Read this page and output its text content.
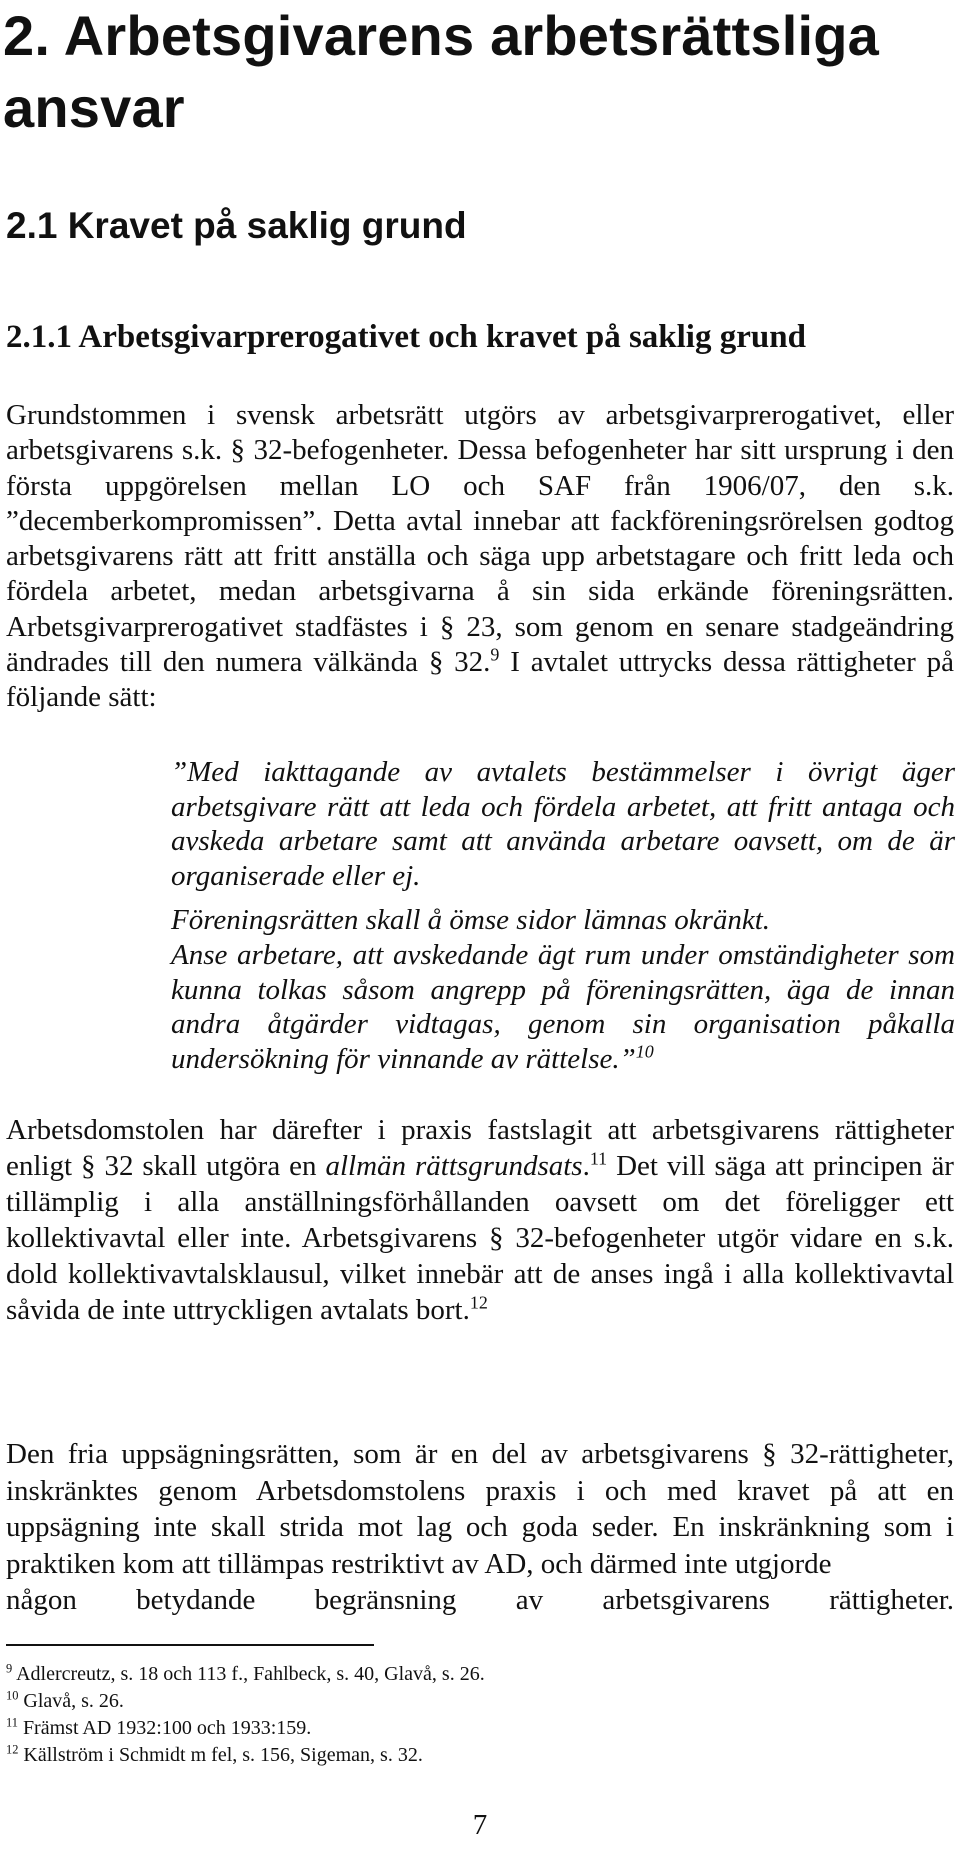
2. Arbetsgivarens arbetsrättsliga ansvar
2.1 Kravet på saklig grund
2.1.1 Arbetsgivarprerogativet och kravet på saklig grund

Grundstommen i svensk arbetsrätt utgörs av arbetsgivarprerogativet, eller arbetsgivarens s.k. § 32-befogenheter. Dessa befogenheter har sitt ursprung i den första uppgörelsen mellan LO och SAF från 1906/07, den s.k. ”decemberkompromissen”. Detta avtal innebar att fackföreningsrörelsen godtog arbetsgivarens rätt att fritt anställa och säga upp arbetstagare och fritt leda och fördela arbetet, medan arbetsgivarna å sin sida erkände föreningsrätten. Arbetsgivarprerogativet stadfästes i § 23, som genom en senare stadgeändring ändrades till den numera välkända § 32.$^9$ I avtalet uttrycks dessa rättigheter på följande sätt:

”Med iakttagande av avtalets bestämmelser i övrigt äger arbetsgivare rätt att leda och fördela arbetet, att fritt antaga och avskeda arbetare samt att använda arbetare oavsett, om de är organiserade eller ej.

Föreningsrätten skall å ömse sidor lämnas okränkt.

Anse arbetare, att avskedande ägt rum under omständigheter som kunna tolkas såsom angrepp på föreningsrätten, äga de innan andra åtgärder vidtagas, genom sin organisation påkalla undersökning för vinnande av rättelse.”$^{10}$

Arbetsdomstolen har därefter i praxis fastslagit att arbetsgivarens rättigheter enligt § 32 skall utgöra en allmän rättsgrundsats.$^{11}$ Det vill säga att principen är tillämplig i alla anställningsförhållanden oavsett om det föreligger ett kollektivavtal eller inte. Arbetsgivarens § 32-befogenheter utgör vidare en s.k. dold kollektivavtalsklausul, vilket innebär att de anses ingå i alla kollektivavtal såvida de inte uttryckligen avtalats bort.$^{12}$

Den fria uppsägningsrätten, som är en del av arbetsgivarens § 32-rättigheter, inskränktes genom Arbetsdomstolens praxis i och med kravet på att en uppsägning inte skall strida mot lag och goda seder. En inskränkning som i praktiken kom att tillämpas restriktivt av AD, och därmed inte utgjorde
någon betydande begränsning av arbetsgivarens rättigheter.

$^9$ Adlercreutz, s. 18 och 113 f., Fahlbeck, s. 40, Glavå, s. 26.
$^{10}$ Glavå, s. 26.
$^{11}$ Främst AD 1932:100 och 1933:159.
$^{12}$ Källström i Schmidt m fel, s. 156, Sigeman, s. 32.
7
